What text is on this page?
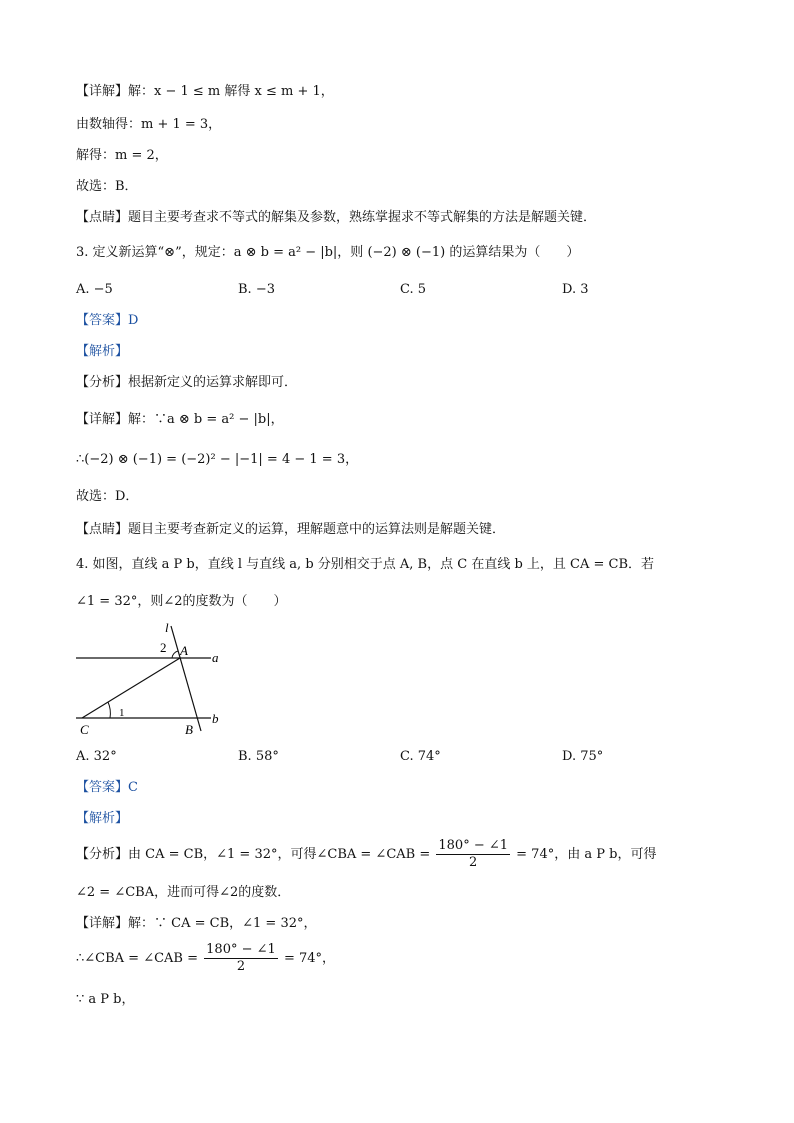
【详解】解：x − 1 ≤ m 解得 x ≤ m + 1，
由数轴得：m + 1 = 3，
解得：m = 2，
故选：B．
【点睛】题目主要考查求不等式的解集及参数，熟练掌握求不等式解集的方法是解题关键．
3. 定义新运算“⊗”，规定：a ⊗ b = a² − |b|，则 (−2) ⊗ (−1) 的运算结果为（　　）
A. −5	B. −3	C. 5	D. 3
【答案】D
【解析】
【分析】根据新定义的运算求解即可．
【详解】解：∵a ⊗ b = a² − |b|，
∴(−2) ⊗ (−1) = (−2)² − |−1| = 4 − 1 = 3，
故选：D．
【点睛】题目主要考查新定义的运算，理解题意中的运算法则是解题关键．
4. 如图，直线 a P b，直线 l 与直线 a, b 分别相交于点 A, B，点 C 在直线 b 上，且 CA = CB．若
∠1 = 32°，则∠2的度数为（　　）
l
2 A a
1
C	B
b
A. 32°	B. 58°	C. 74°	D. 75°
【答案】C
【解析】
【分析】由 CA = CB，∠1 = 32°，可得∠CBA = ∠CAB = $\frac{180^\circ - \angle 1}{2} = 74^\circ$，由 a P b，可得
∠2 = ∠CBA，进而可得∠2的度数．
【详解】解：∵ CA = CB，∠1 = 32°，
∴∠CBA = ∠CAB = $\frac{180^\circ - \angle 1}{2} = 74^\circ$，
∵ a P b，
